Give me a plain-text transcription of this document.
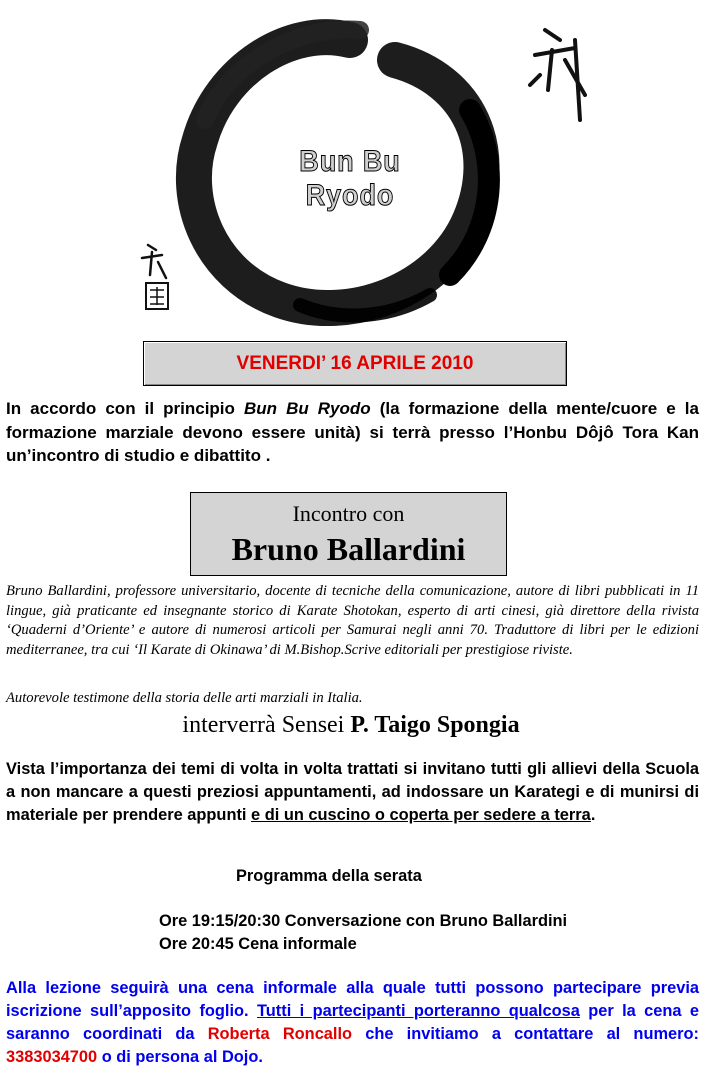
Bun Bu Ryodo
VENERDI’ 16 APRILE 2010
In accordo con il principio Bun Bu Ryodo (la formazione della mente/cuore e la formazione marziale devono essere unità) si terrà presso l’Honbu Dôjô Tora Kan un’incontro di studio e dibattito .
Incontro con
Bruno Ballardini
Bruno Ballardini, professore universitario, docente di tecniche della comunicazione, autore di libri pubblicati in 11 lingue, già praticante ed insegnante storico di Karate Shotokan, esperto di arti cinesi, già direttore della rivista ‘Quaderni d’Oriente’ e autore di numerosi articoli per Samurai negli anni 70. Traduttore di libri per le edizioni mediterranee, tra cui ‘Il Karate di Okinawa’ di M.Bishop.Scrive editoriali per prestigiose riviste.
Autorevole testimone della storia delle arti marziali in Italia.
interverrà Sensei P. Taigo Spongia
Vista l’importanza dei temi di volta in volta trattati si invitano tutti gli allievi della Scuola a non mancare a questi preziosi appuntamenti, ad indossare un Karategi e di munirsi di materiale per prendere appunti e di un cuscino o coperta per sedere a terra.
Programma della serata
Ore 19:15/20:30 Conversazione con Bruno Ballardini
Ore 20:45 Cena informale
Alla lezione seguirà una cena informale alla quale tutti possono partecipare previa iscrizione sull’apposito foglio. Tutti i partecipanti porteranno qualcosa per la cena e saranno coordinati da Roberta Roncallo che invitiamo a contattare al numero: 3383034700 o di persona al Dojo.
